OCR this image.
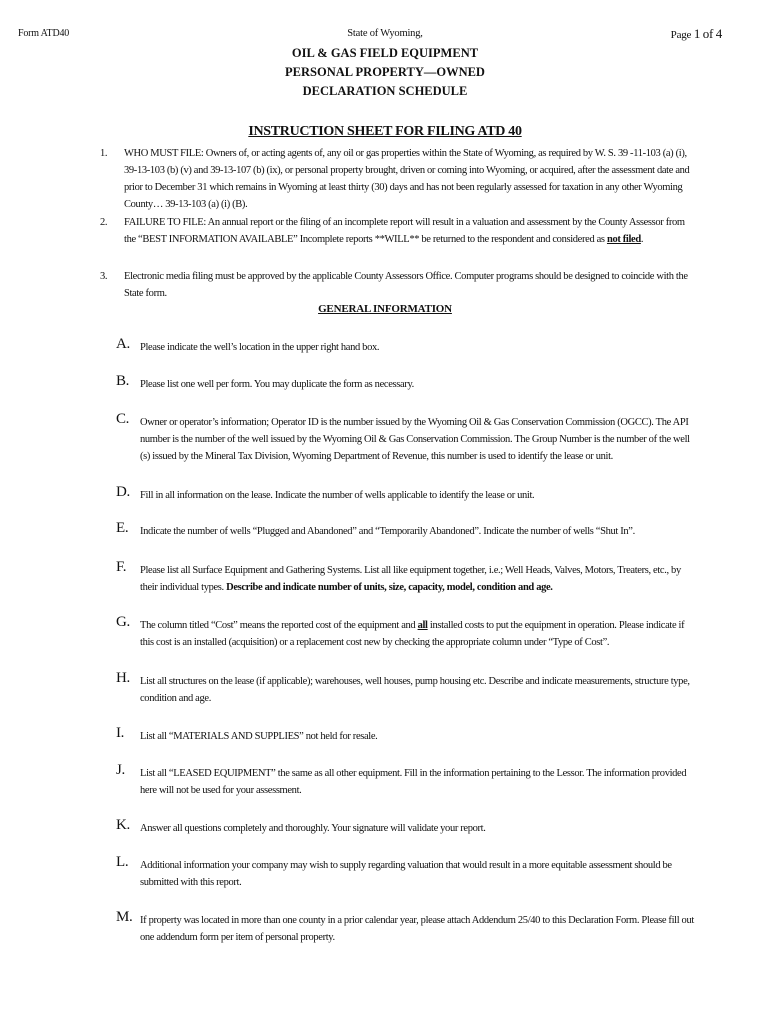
Form ATD40	State of Wyoming,	Page 1 of 4
OIL & GAS FIELD EQUIPMENT
PERSONAL PROPERTY—OWNED
DECLARATION SCHEDULE
INSTRUCTION SHEET FOR FILING ATD 40
1. WHO MUST FILE: Owners of, or acting agents of, any oil or gas properties within the State of Wyoming, as required by W. S. 39 -11-103 (a) (i), 39-13-103 (b) (v) and 39-13-107 (b) (ix), or personal property brought, driven or coming into Wyoming, or acquired, after the assessment date and prior to December 31 which remains in Wyoming at least thirty (30) days and has not been regularly assessed for taxation in any other Wyoming County… 39-13-103 (a) (i) (B).
2. FAILURE TO FILE: An annual report or the filing of an incomplete report will result in a valuation and assessment by the County Assessor from the “BEST INFORMATION AVAILABLE” Incomplete reports **WILL** be returned to the respondent and considered as not filed.
3. Electronic media filing must be approved by the applicable County Assessors Office. Computer programs should be designed to coincide with the State form.
GENERAL INFORMATION
A. Please indicate the well’s location in the upper right hand box.
B. Please list one well per form. You may duplicate the form as necessary.
C. Owner or operator’s information; Operator ID is the number issued by the Wyoming Oil & Gas Conservation Commission (OGCC). The API number is the number of the well issued by the Wyoming Oil & Gas Conservation Commission. The Group Number is the number of the well (s) issued by the Mineral Tax Division, Wyoming Department of Revenue, this number is used to identify the lease or unit.
D. Fill in all information on the lease. Indicate the number of wells applicable to identify the lease or unit.
E. Indicate the number of wells “Plugged and Abandoned” and “Temporarily Abandoned”. Indicate the number of wells “Shut In”.
F. Please list all Surface Equipment and Gathering Systems. List all like equipment together, i.e.; Well Heads, Valves, Motors, Treaters, etc., by their individual types. Describe and indicate number of units, size, capacity, model, condition and age.
G. The column titled “Cost” means the reported cost of the equipment and all installed costs to put the equipment in operation. Please indicate if this cost is an installed (acquisition) or a replacement cost new by checking the appropriate column under “Type of Cost”.
H. List all structures on the lease (if applicable); warehouses, well houses, pump housing etc. Describe and indicate measurements, structure type, condition and age.
I. List all “MATERIALS AND SUPPLIES” not held for resale.
J. List all “LEASED EQUIPMENT” the same as all other equipment. Fill in the information pertaining to the Lessor. The information provided here will not be used for your assessment.
K. Answer all questions completely and thoroughly. Your signature will validate your report.
L. Additional information your company may wish to supply regarding valuation that would result in a more equitable assessment should be submitted with this report.
M. If property was located in more than one county in a prior calendar year, please attach Addendum 25/40 to this Declaration Form. Please fill out one addendum form per item of personal property.
